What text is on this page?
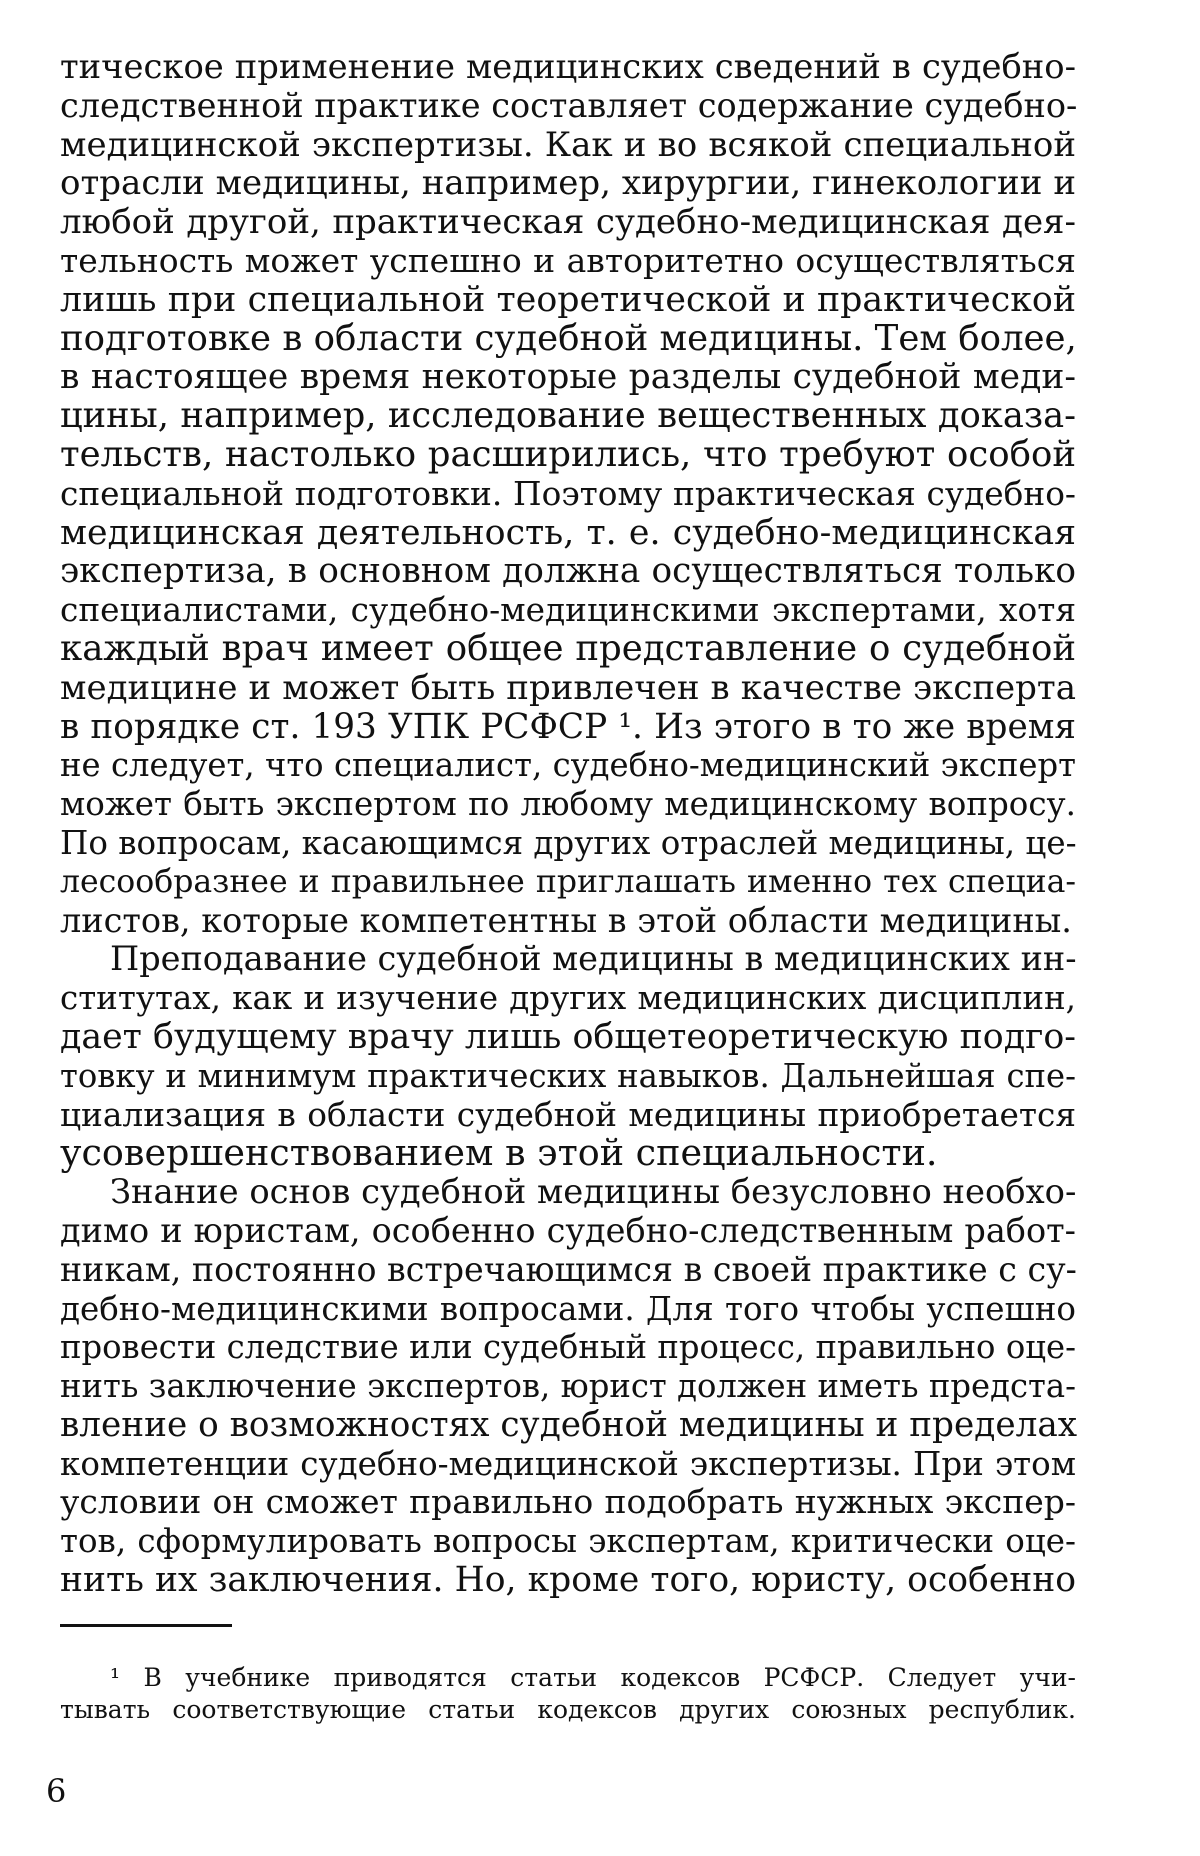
тическое применение медицинских сведений в судебно-
следственной практике составляет содержание судебно-
медицинской экспертизы. Как и во всякой специальной
отрасли медицины, например, хирургии, гинекологии и
любой другой, практическая судебно-медицинская дея-
тельность может успешно и авторитетно осуществляться
лишь при специальной теоретической и практической
подготовке в области судебной медицины. Тем более,
в настоящее время некоторые разделы судебной меди-
цины, например, исследование вещественных доказа-
тельств, настолько расширились, что требуют особой
специальной подготовки. Поэтому практическая судебно-
медицинская деятельность, т. е. судебно-медицинская
экспертиза, в основном должна осуществляться только
специалистами, судебно-медицинскими экспертами, хотя
каждый врач имеет общее представление о судебной
медицине и может быть привлечен в качестве эксперта
в порядке ст. 193 УПК РСФСР ¹. Из этого в то же время
не следует, что специалист, судебно-медицинский эксперт
может быть экспертом по любому медицинскому вопросу.
По вопросам, касающимся других отраслей медицины, це-
лесообразнее и правильнее приглашать именно тех специа-
листов, которые компетентны в этой области медицины.
Преподавание судебной медицины в медицинских ин-
ститутах, как и изучение других медицинских дисциплин,
дает будущему врачу лишь общетеоретическую подго-
товку и минимум практических навыков. Дальнейшая спе-
циализация в области судебной медицины приобретается
усовершенствованием в этой специальности.
Знание основ судебной медицины безусловно необхо-
димо и юристам, особенно судебно-следственным работ-
никам, постоянно встречающимся в своей практике с су-
дебно-медицинскими вопросами. Для того чтобы успешно
провести следствие или судебный процесс, правильно оце-
нить заключение экспертов, юрист должен иметь предста-
вление о возможностях судебной медицины и пределах
компетенции судебно-медицинской экспертизы. При этом
условии он сможет правильно подобрать нужных экспер-
тов, сформулировать вопросы экспертам, критически оце-
нить их заключения. Но, кроме того, юристу, особенно
¹ В учебнике приводятся статьи кодексов РСФСР. Следует учи-
тывать соответствующие статьи кодексов других союзных республик.
6
